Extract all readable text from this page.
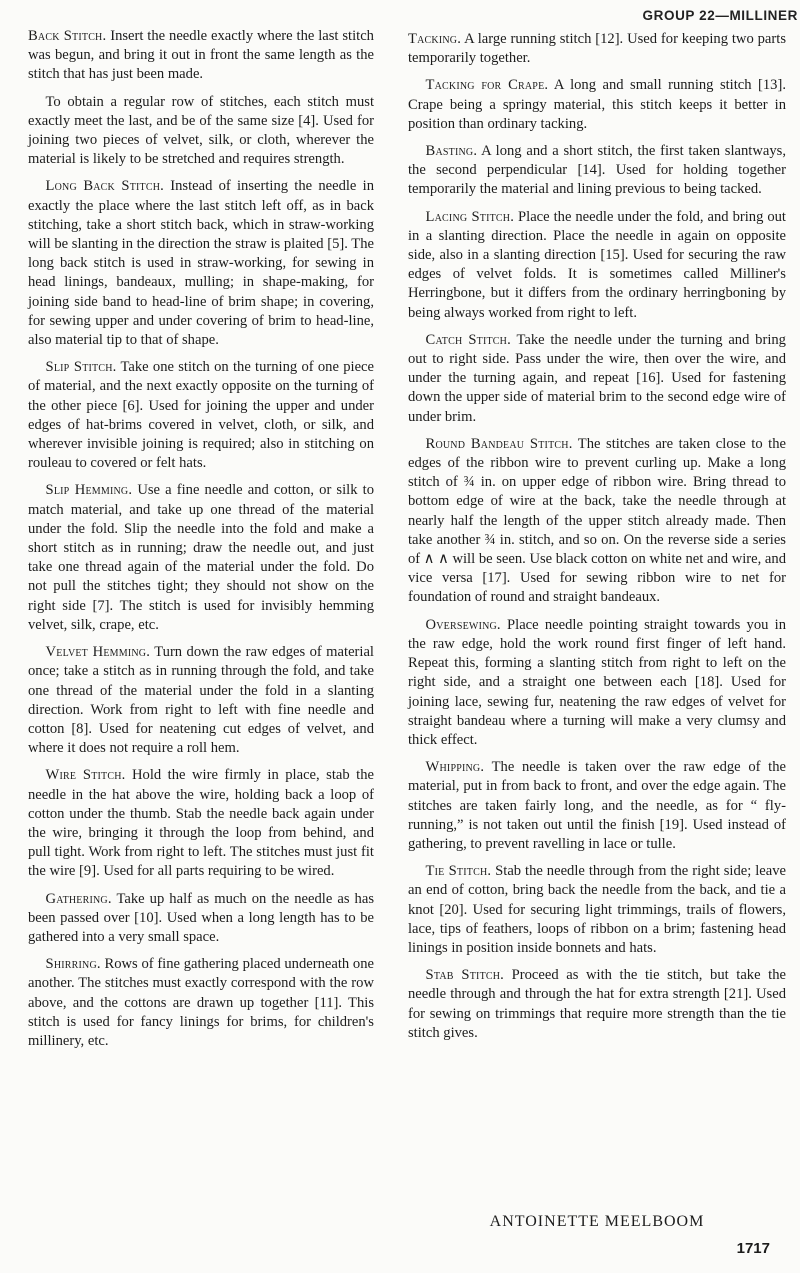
GROUP 22—MILLINER

Back Stitch. Insert the needle exactly where the last stitch was begun, and bring it out in front the same length as the stitch that has just been made.

To obtain a regular row of stitches, each stitch must exactly meet the last, and be of the same size [4]. Used for joining two pieces of velvet, silk, or cloth, wherever the material is likely to be stretched and requires strength.

Long Back Stitch. Instead of inserting the needle in exactly the place where the last stitch left off, as in back stitching, take a short stitch back, which in straw-working will be slanting in the direction the straw is plaited [5]. The long back stitch is used in straw-working, for sewing in head linings, bandeaux, mulling; in shape-making, for joining side band to head-line of brim shape; in covering, for sewing upper and under covering of brim to head-line, also material tip to that of shape.

Slip Stitch. Take one stitch on the turning of one piece of material, and the next exactly opposite on the turning of the other piece [6]. Used for joining the upper and under edges of hat-brims covered in velvet, cloth, or silk, and wherever invisible joining is required; also in stitching on rouleau to covered or felt hats.

Slip Hemming. Use a fine needle and cotton, or silk to match material, and take up one thread of the material under the fold. Slip the needle into the fold and make a short stitch as in running; draw the needle out, and just take one thread again of the material under the fold. Do not pull the stitches tight; they should not show on the right side [7]. The stitch is used for invisibly hemming velvet, silk, crape, etc.

Velvet Hemming. Turn down the raw edges of material once; take a stitch as in running through the fold, and take one thread of the material under the fold in a slanting direction. Work from right to left with fine needle and cotton [8]. Used for neatening cut edges of velvet, and where it does not require a roll hem.

Wire Stitch. Hold the wire firmly in place, stab the needle in the hat above the wire, holding back a loop of cotton under the thumb. Stab the needle back again under the wire, bringing it through the loop from behind, and pull tight. Work from right to left. The stitches must just fit the wire [9]. Used for all parts requiring to be wired.

Gathering. Take up half as much on the needle as has been passed over [10]. Used when a long length has to be gathered into a very small space.

Shirring. Rows of fine gathering placed underneath one another. The stitches must exactly correspond with the row above, and the cottons are drawn up together [11]. This stitch is used for fancy linings for brims, for children's millinery, etc.

Tacking. A large running stitch [12]. Used for keeping two parts temporarily together.

Tacking for Crape. A long and small running stitch [13]. Crape being a springy material, this stitch keeps it better in position than ordinary tacking.

Basting. A long and a short stitch, the first taken slantways, the second perpendicular [14]. Used for holding together temporarily the material and lining previous to being tacked.

Lacing Stitch. Place the needle under the fold, and bring out in a slanting direction. Place the needle in again on opposite side, also in a slanting direction [15]. Used for securing the raw edges of velvet folds. It is sometimes called Milliner's Herringbone, but it differs from the ordinary herringboning by being always worked from right to left.

Catch Stitch. Take the needle under the turning and bring out to right side. Pass under the wire, then over the wire, and under the turning again, and repeat [16]. Used for fastening down the upper side of material brim to the second edge wire of under brim.

Round Bandeau Stitch. The stitches are taken close to the edges of the ribbon wire to prevent curling up. Make a long stitch of ¾ in. on upper edge of ribbon wire. Bring thread to bottom edge of wire at the back, take the needle through at nearly half the length of the upper stitch already made. Then take another ¾ in. stitch, and so on. On the reverse side a series of ∧ ∧ will be seen. Use black cotton on white net and wire, and vice versa [17]. Used for sewing ribbon wire to net for foundation of round and straight bandeaux.

Oversewing. Place needle pointing straight towards you in the raw edge, hold the work round first finger of left hand. Repeat this, forming a slanting stitch from right to left on the right side, and a straight one between each [18]. Used for joining lace, sewing fur, neatening the raw edges of velvet for straight bandeau where a turning will make a very clumsy and thick effect.

Whipping. The needle is taken over the raw edge of the material, put in from back to front, and over the edge again. The stitches are taken fairly long, and the needle, as for “ fly-running,” is not taken out until the finish [19]. Used instead of gathering, to prevent ravelling in lace or tulle.

Tie Stitch. Stab the needle through from the right side; leave an end of cotton, bring back the needle from the back, and tie a knot [20]. Used for securing light trimmings, trails of flowers, lace, tips of feathers, loops of ribbon on a brim; fastening head linings in position inside bonnets and hats.

Stab Stitch. Proceed as with the tie stitch, but take the needle through and through the hat for extra strength [21]. Used for sewing on trimmings that require more strength than the tie stitch gives.

ANTOINETTE MEELBOOM
1717
